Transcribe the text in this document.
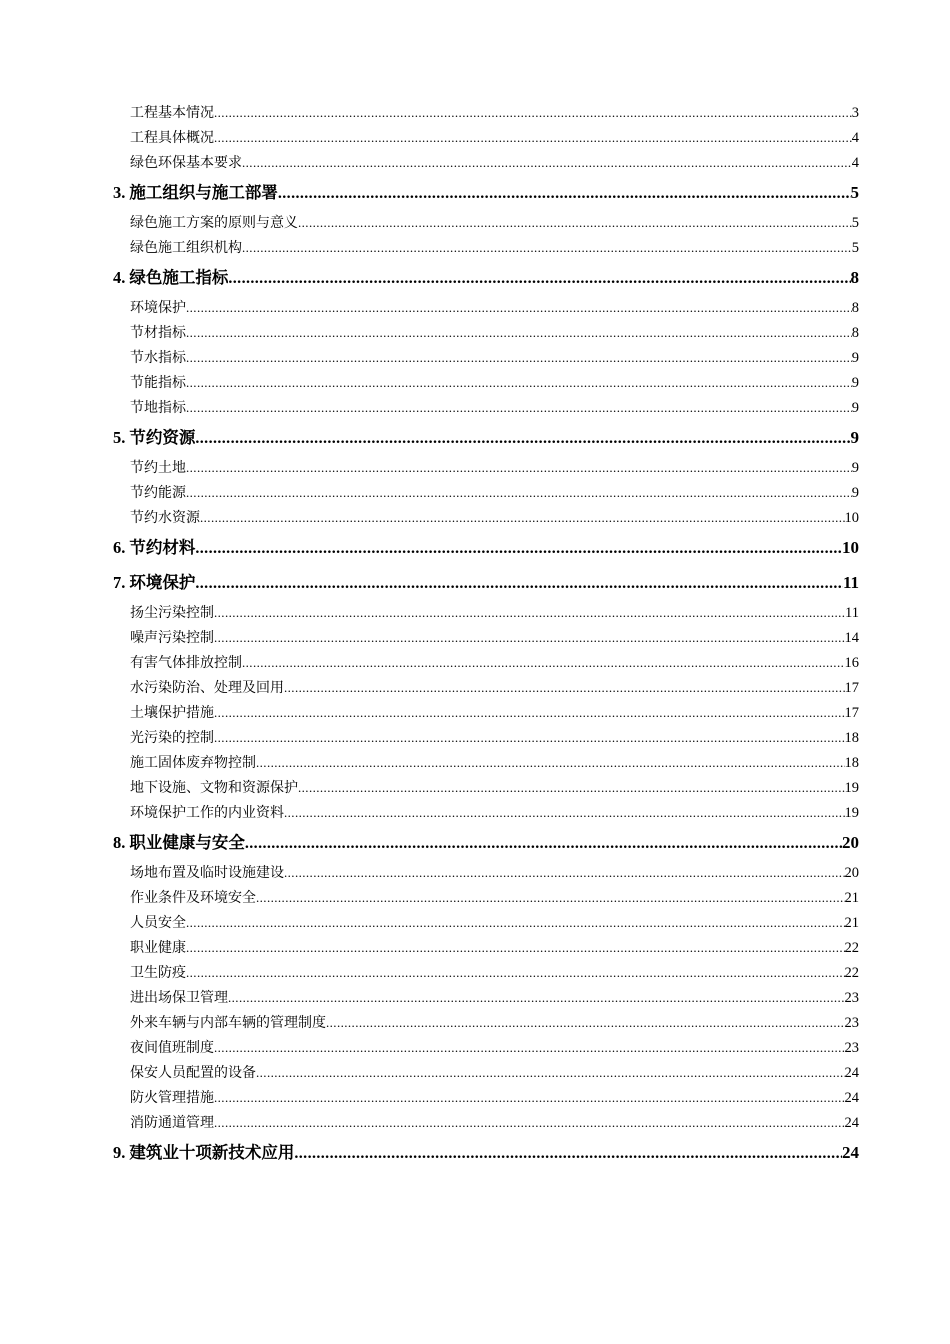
工程基本情况 .....	3
工程具体概况 .....	4
绿色环保基本要求 .....	4
3. 施工组织与施工部署 .....	5
绿色施工方案的原则与意义 .....	5
绿色施工组织机构 .....	5
4. 绿色施工指标 .....	8
环境保护 .....	8
节材指标 .....	8
节水指标 .....	9
节能指标 .....	9
节地指标 .....	9
5. 节约资源 .....	9
节约土地 .....	9
节约能源 .....	9
节约水资源 .....	10
6. 节约材料 .....	10
7. 环境保护 .....	11
扬尘污染控制 .....	11
噪声污染控制 .....	14
有害气体排放控制 .....	16
水污染防治、处理及回用 .....	17
土壤保护措施 .....	17
光污染的控制 .....	18
施工固体废弃物控制 .....	18
地下设施、文物和资源保护 .....	19
环境保护工作的内业资料 .....	19
8. 职业健康与安全 .....	20
场地布置及临时设施建设 .....	20
作业条件及环境安全 .....	21
人员安全 .....	21
职业健康 .....	22
卫生防疫 .....	22
进出场保卫管理 .....	23
外来车辆与内部车辆的管理制度 .....	23
夜间值班制度 .....	23
保安人员配置的设备 .....	24
防火管理措施 .....	24
消防通道管理 .....	24
9. 建筑业十项新技术应用 .....	24
